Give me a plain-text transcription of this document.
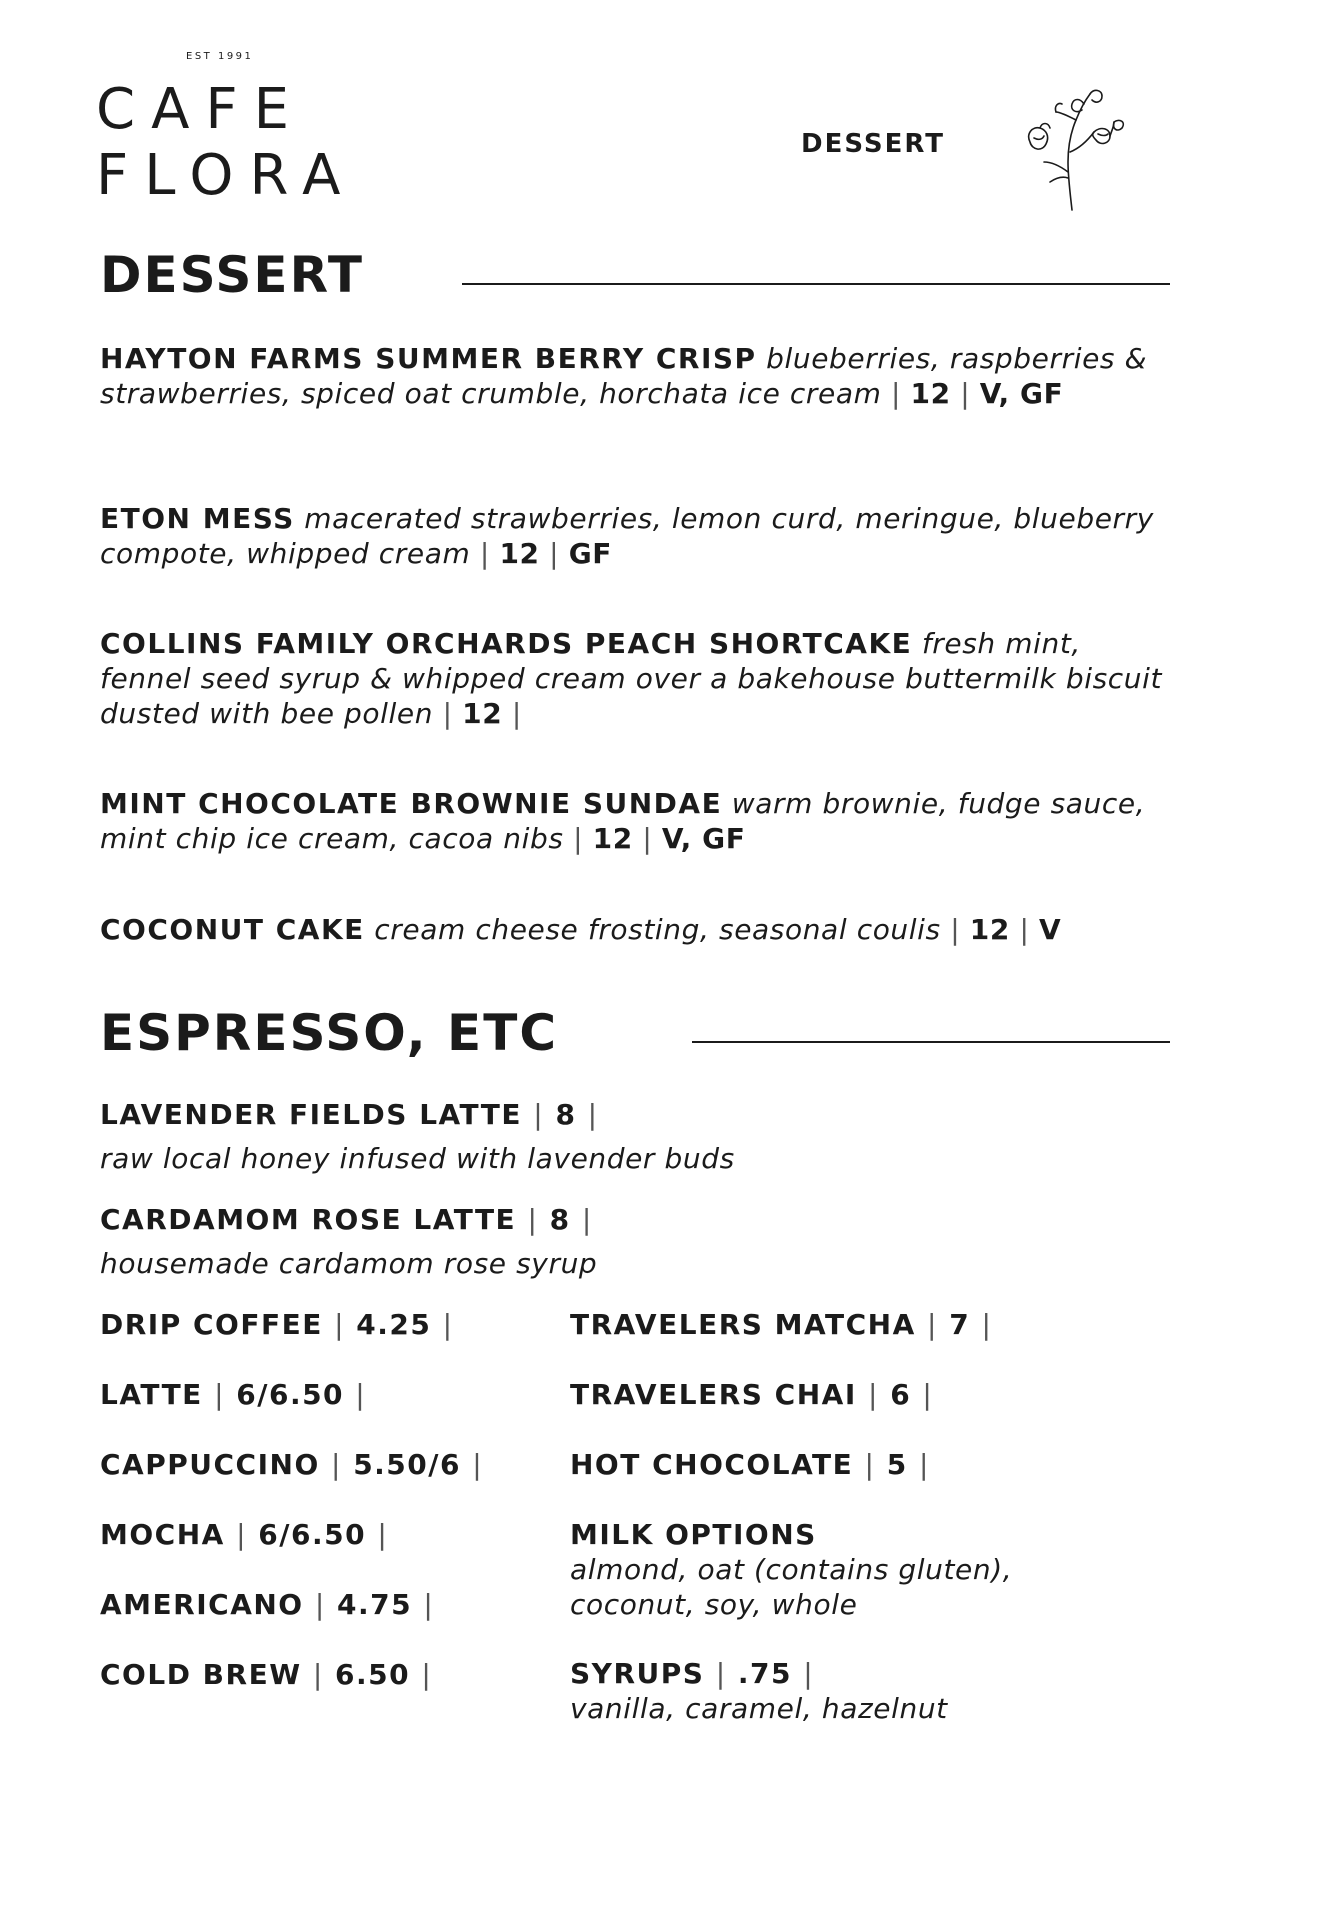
EST 1991
CAFE
FLORA	DESSERT
DESSERT
HAYTON FARMS SUMMER BERRY CRISP blueberries, raspberries & strawberries, spiced oat crumble, horchata ice cream | 12 | V, GF
ETON MESS macerated strawberries, lemon curd, meringue, blueberry compote, whipped cream | 12 | GF
COLLINS FAMILY ORCHARDS PEACH SHORTCAKE fresh mint, fennel seed syrup & whipped cream over a bakehouse buttermilk biscuit dusted with bee pollen | 12 |
MINT CHOCOLATE BROWNIE SUNDAE warm brownie, fudge sauce, mint chip ice cream, cacoa nibs | 12 | V, GF
COCONUT CAKE cream cheese frosting, seasonal coulis | 12 | V
ESPRESSO, ETC
LAVENDER FIELDS LATTE | 8 |
raw local honey infused with lavender buds
CARDAMOM ROSE LATTE | 8 |
housemade cardamom rose syrup
DRIP COFFEE | 4.25 |
LATTE | 6/6.50 |
CAPPUCCINO | 5.50/6 |
MOCHA | 6/6.50 |
AMERICANO | 4.75 |
COLD BREW | 6.50 |
TRAVELERS MATCHA | 7 |
TRAVELERS CHAI | 6 |
HOT CHOCOLATE | 5 |
MILK OPTIONS
almond, oat (contains gluten),
coconut, soy, whole
SYRUPS | .75 |
vanilla, caramel, hazelnut
